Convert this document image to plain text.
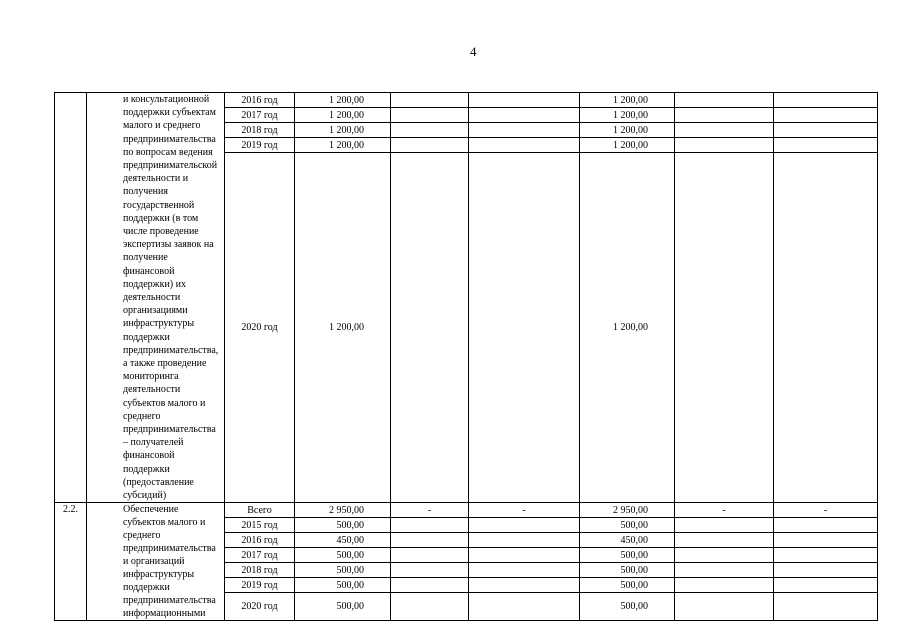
4
	и консультационной поддержки субъектам малого и среднего предпринимательства по вопросам ведения предпринимательской деятельности и получения государственной поддержки (в том числе проведение экспертизы заявок на получение финансовой поддержки) их деятельности организациями инфраструктуры поддержки предпринимательства, а также проведение мониторинга деятельности субъектов малого и среднего предпринимательства – получателей финансовой поддержки (предоставление субсидий)	2016 год	1 200,00			1 200,00		
		2017 год	1 200,00			1 200,00		
		2018 год	1 200,00			1 200,00		
		2019 год	1 200,00			1 200,00		
		2020 год	1 200,00			1 200,00		
2.2.	Обеспечение субъектов малого и среднего предпринимательства и организаций инфраструктуры поддержки предпринимательства информационными	Всего	2 950,00	-	-	2 950,00	-	-
		2015 год	500,00			500,00		
		2016 год	450,00			450,00		
		2017 год	500,00			500,00		
		2018 год	500,00			500,00		
		2019 год	500,00			500,00		
		2020 год	500,00			500,00		
